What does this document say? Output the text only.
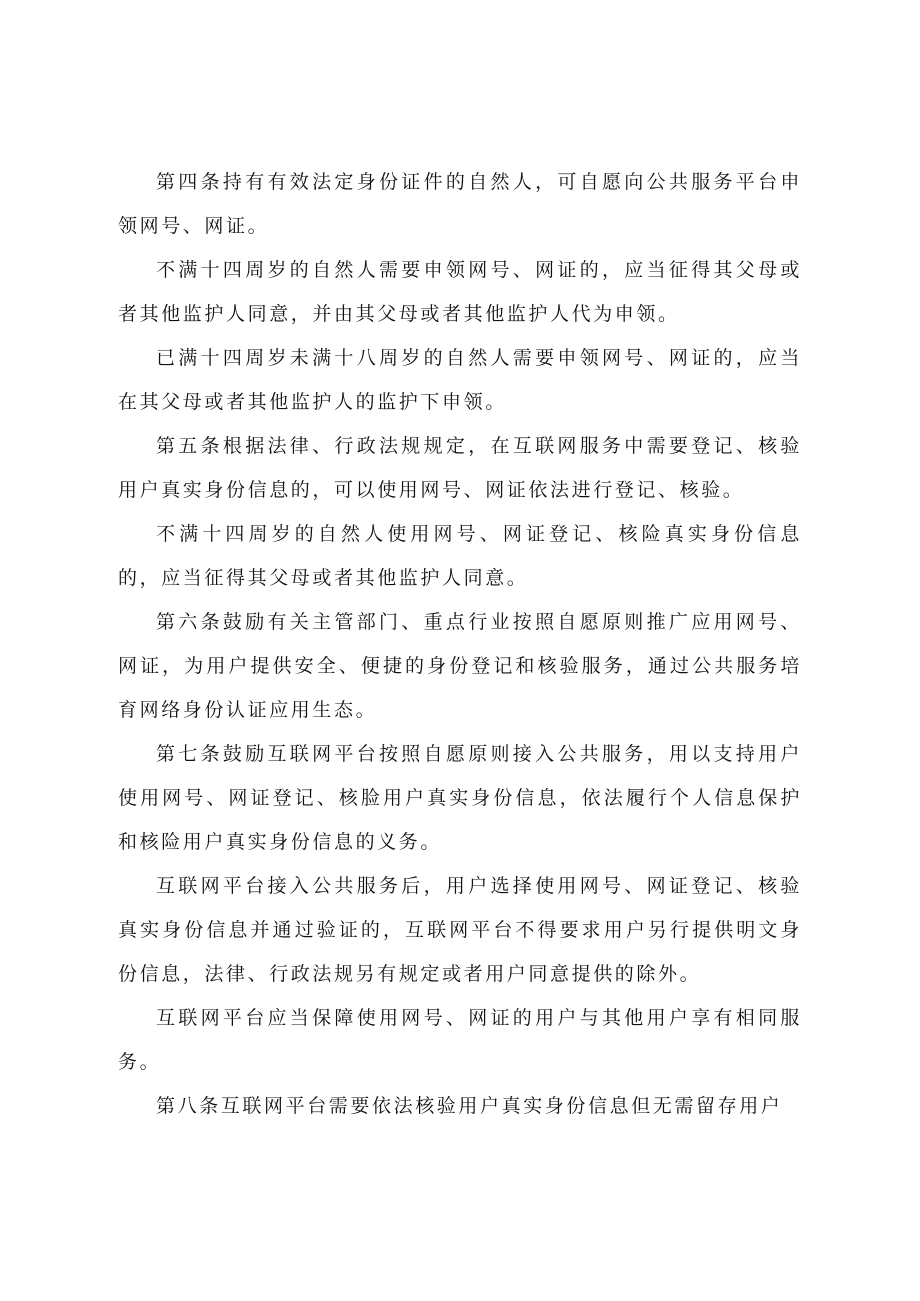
第四条持有有效法定身份证件的自然人，可自愿向公共服务平台申领网号、网证。

不满十四周岁的自然人需要申领网号、网证的，应当征得其父母或者其他监护人同意，并由其父母或者其他监护人代为申领。

已满十四周岁未满十八周岁的自然人需要申领网号、网证的，应当在其父母或者其他监护人的监护下申领。

第五条根据法律、行政法规规定，在互联网服务中需要登记、核验用户真实身份信息的，可以使用网号、网证依法进行登记、核验。

不满十四周岁的自然人使用网号、网证登记、核险真实身份信息的，应当征得其父母或者其他监护人同意。

第六条鼓励有关主管部门、重点行业按照自愿原则推广应用网号、网证，为用户提供安全、便捷的身份登记和核验服务，通过公共服务培育网络身份认证应用生态。

第七条鼓励互联网平台按照自愿原则接入公共服务，用以支持用户使用网号、网证登记、核脸用户真实身份信息，依法履行个人信息保护和核险用户真实身份信息的义务。

互联网平台接入公共服务后，用户选择使用网号、网证登记、核验真实身份信息并通过验证的，互联网平台不得要求用户另行提供明文身份信息，法律、行政法规另有规定或者用户同意提供的除外。

互联网平台应当保障使用网号、网证的用户与其他用户享有相同服务。

第八条互联网平台需要依法核验用户真实身份信息但无需留存用户
